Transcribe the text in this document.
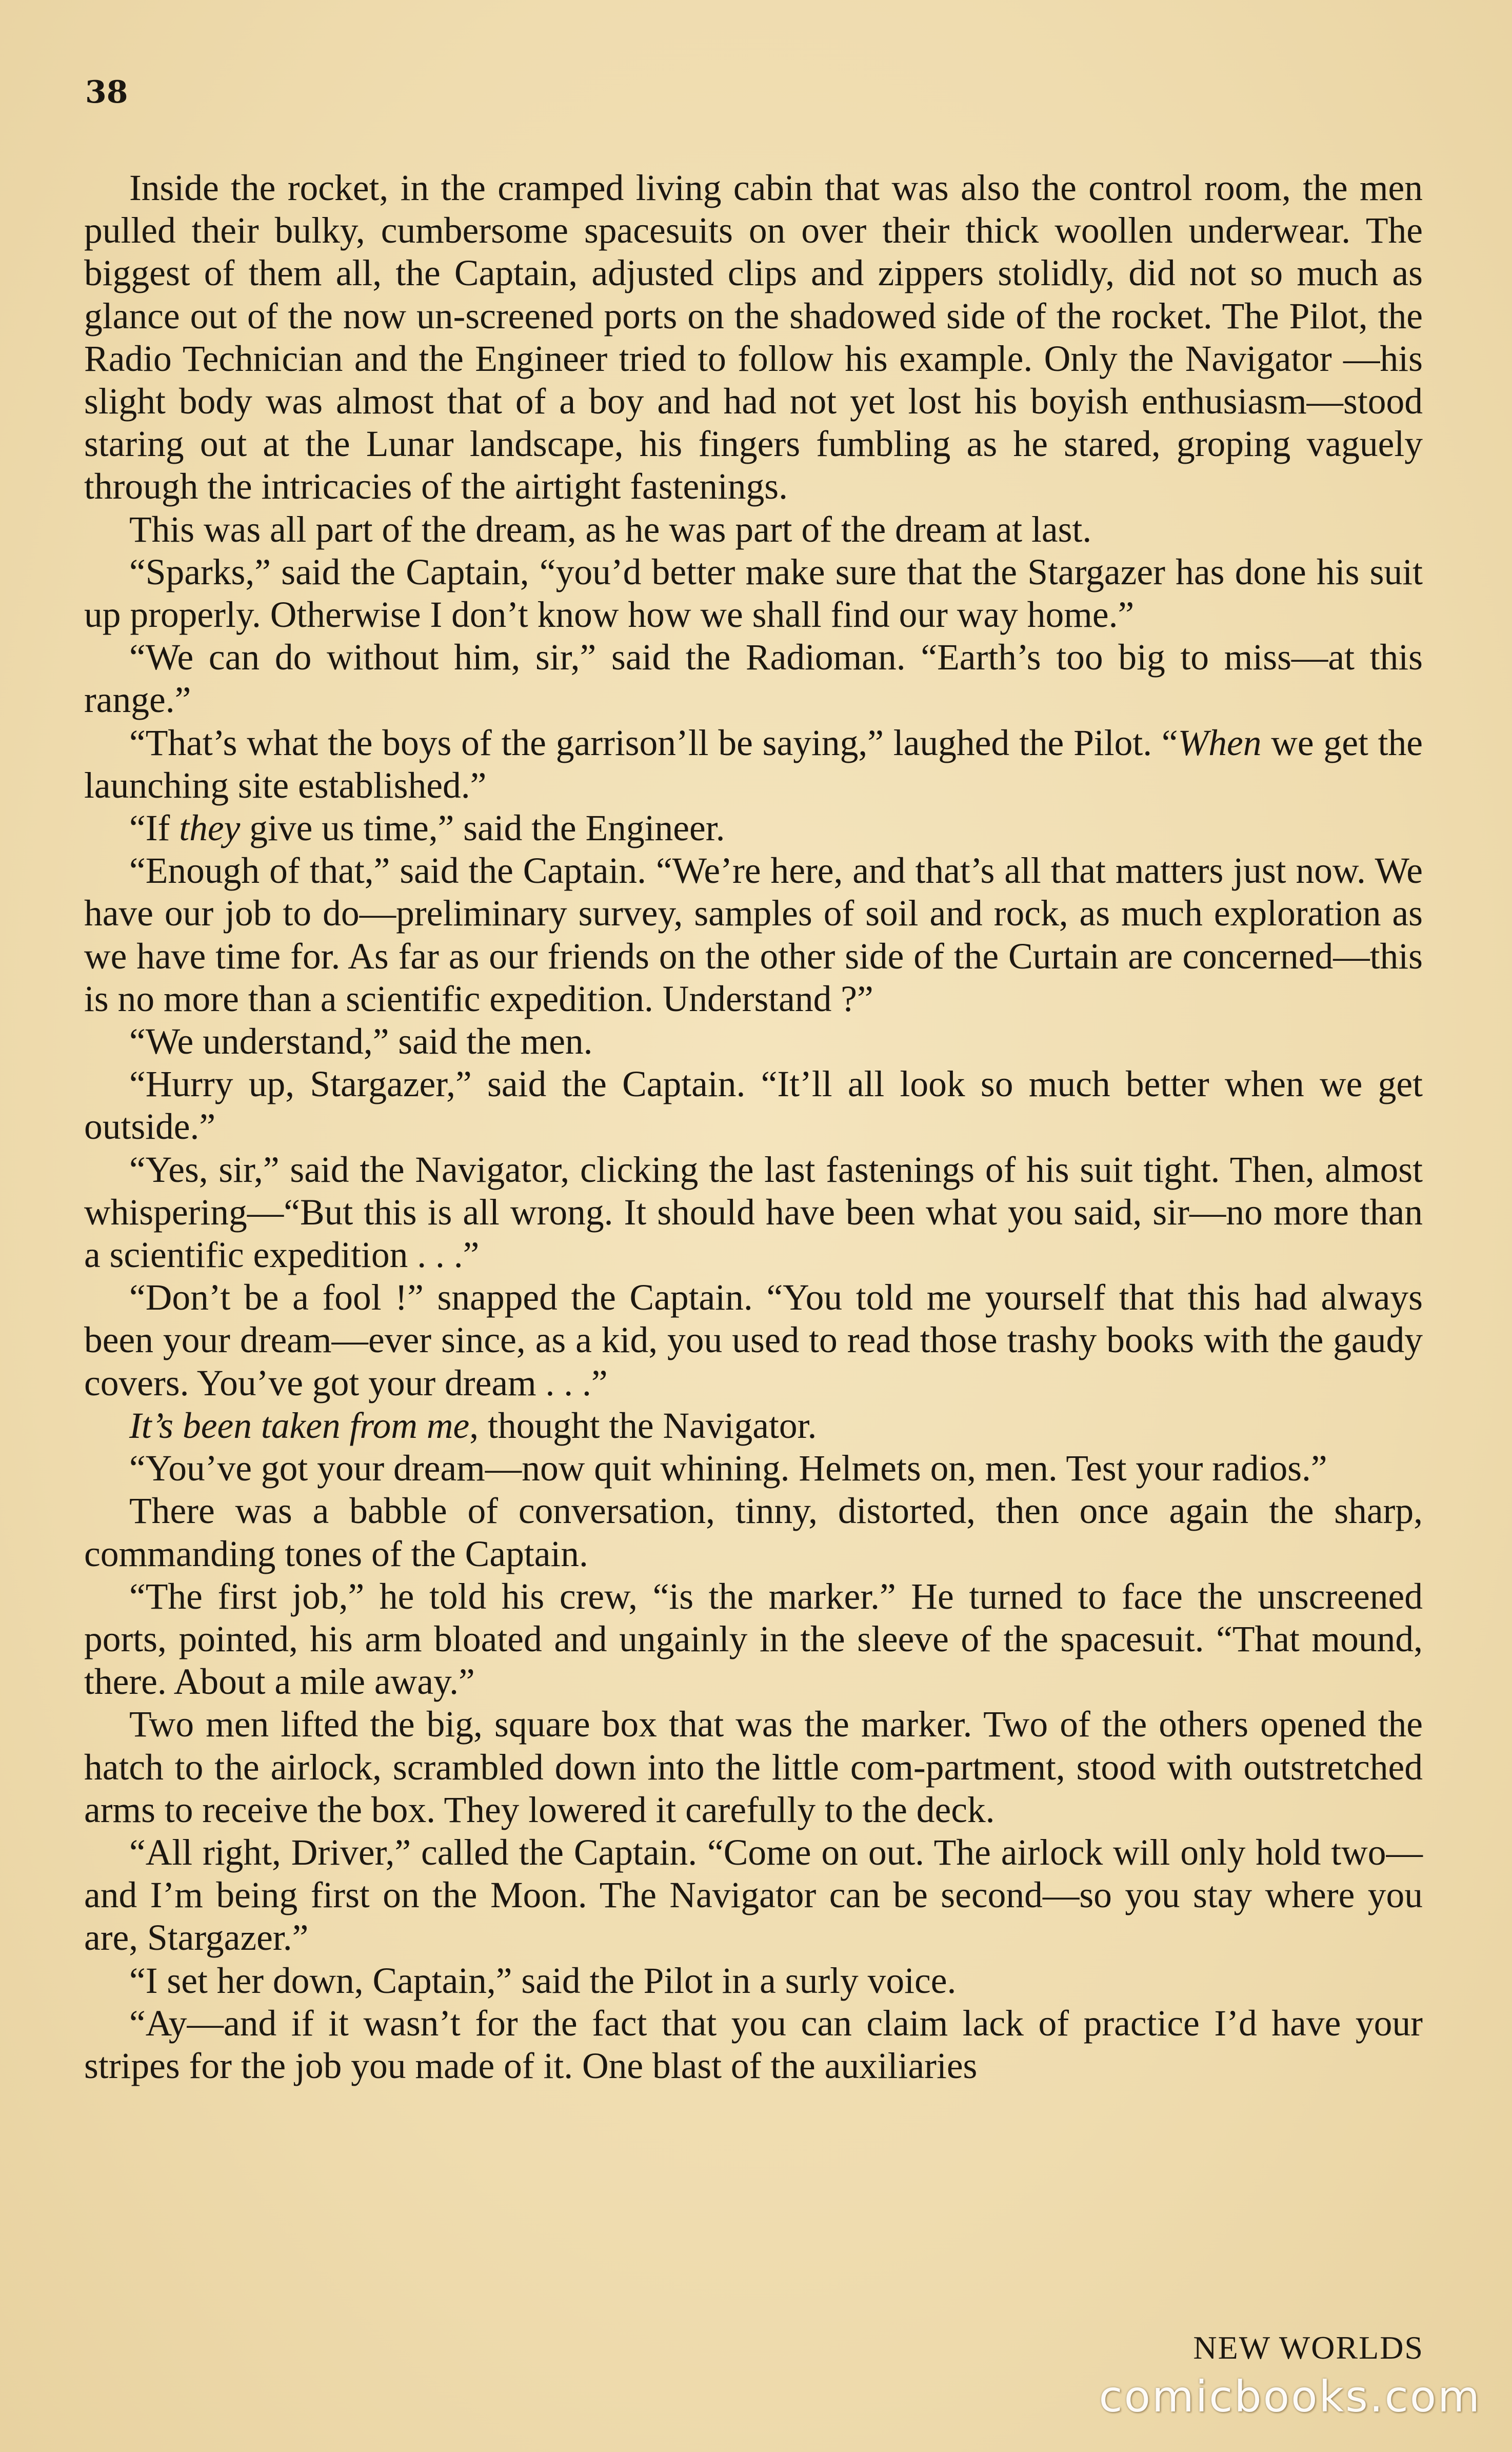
38

Inside the rocket, in the cramped living cabin that was also the control room, the men pulled their bulky, cumbersome spacesuits on over their thick woollen underwear. The biggest of them all, the Captain, adjusted clips and zippers stolidly, did not so much as glance out of the now un-screened ports on the shadowed side of the rocket. The Pilot, the Radio Technician and the Engineer tried to follow his example. Only the Navigator —his slight body was almost that of a boy and had not yet lost his boyish enthusiasm—stood staring out at the Lunar landscape, his fingers fumbling as he stared, groping vaguely through the intricacies of the airtight fastenings.

This was all part of the dream, as he was part of the dream at last.

“Sparks,” said the Captain, “you’d better make sure that the Stargazer has done his suit up properly. Otherwise I don’t know how we shall find our way home.”

“We can do without him, sir,” said the Radioman. “Earth’s too big to miss—at this range.”

“That’s what the boys of the garrison’ll be saying,” laughed the Pilot. “When we get the launching site established.”

“If they give us time,” said the Engineer.

“Enough of that,” said the Captain. “We’re here, and that’s all that matters just now. We have our job to do—preliminary survey, samples of soil and rock, as much exploration as we have time for. As far as our friends on the other side of the Curtain are concerned—this is no more than a scientific expedition. Understand ?”

“We understand,” said the men.

“Hurry up, Stargazer,” said the Captain. “It’ll all look so much better when we get outside.”

“Yes, sir,” said the Navigator, clicking the last fastenings of his suit tight. Then, almost whispering—“But this is all wrong. It should have been what you said, sir—no more than a scientific expedition . . .”

“Don’t be a fool !” snapped the Captain. “You told me yourself that this had always been your dream—ever since, as a kid, you used to read those trashy books with the gaudy covers. You’ve got your dream . . .”

It’s been taken from me, thought the Navigator.

“You’ve got your dream—now quit whining. Helmets on, men. Test your radios.”

There was a babble of conversation, tinny, distorted, then once again the sharp, commanding tones of the Captain.

“The first job,” he told his crew, “is the marker.” He turned to face the unscreened ports, pointed, his arm bloated and ungainly in the sleeve of the spacesuit. “That mound, there. About a mile away.”

Two men lifted the big, square box that was the marker. Two of the others opened the hatch to the airlock, scrambled down into the little com-partment, stood with outstretched arms to receive the box. They lowered it carefully to the deck.

“All right, Driver,” called the Captain. “Come on out. The airlock will only hold two—and I’m being first on the Moon. The Navigator can be second—so you stay where you are, Stargazer.”

“I set her down, Captain,” said the Pilot in a surly voice.

“Ay—and if it wasn’t for the fact that you can claim lack of practice I’d have your stripes for the job you made of it. One blast of the auxiliaries

NEW WORLDS
comicbooks.com
